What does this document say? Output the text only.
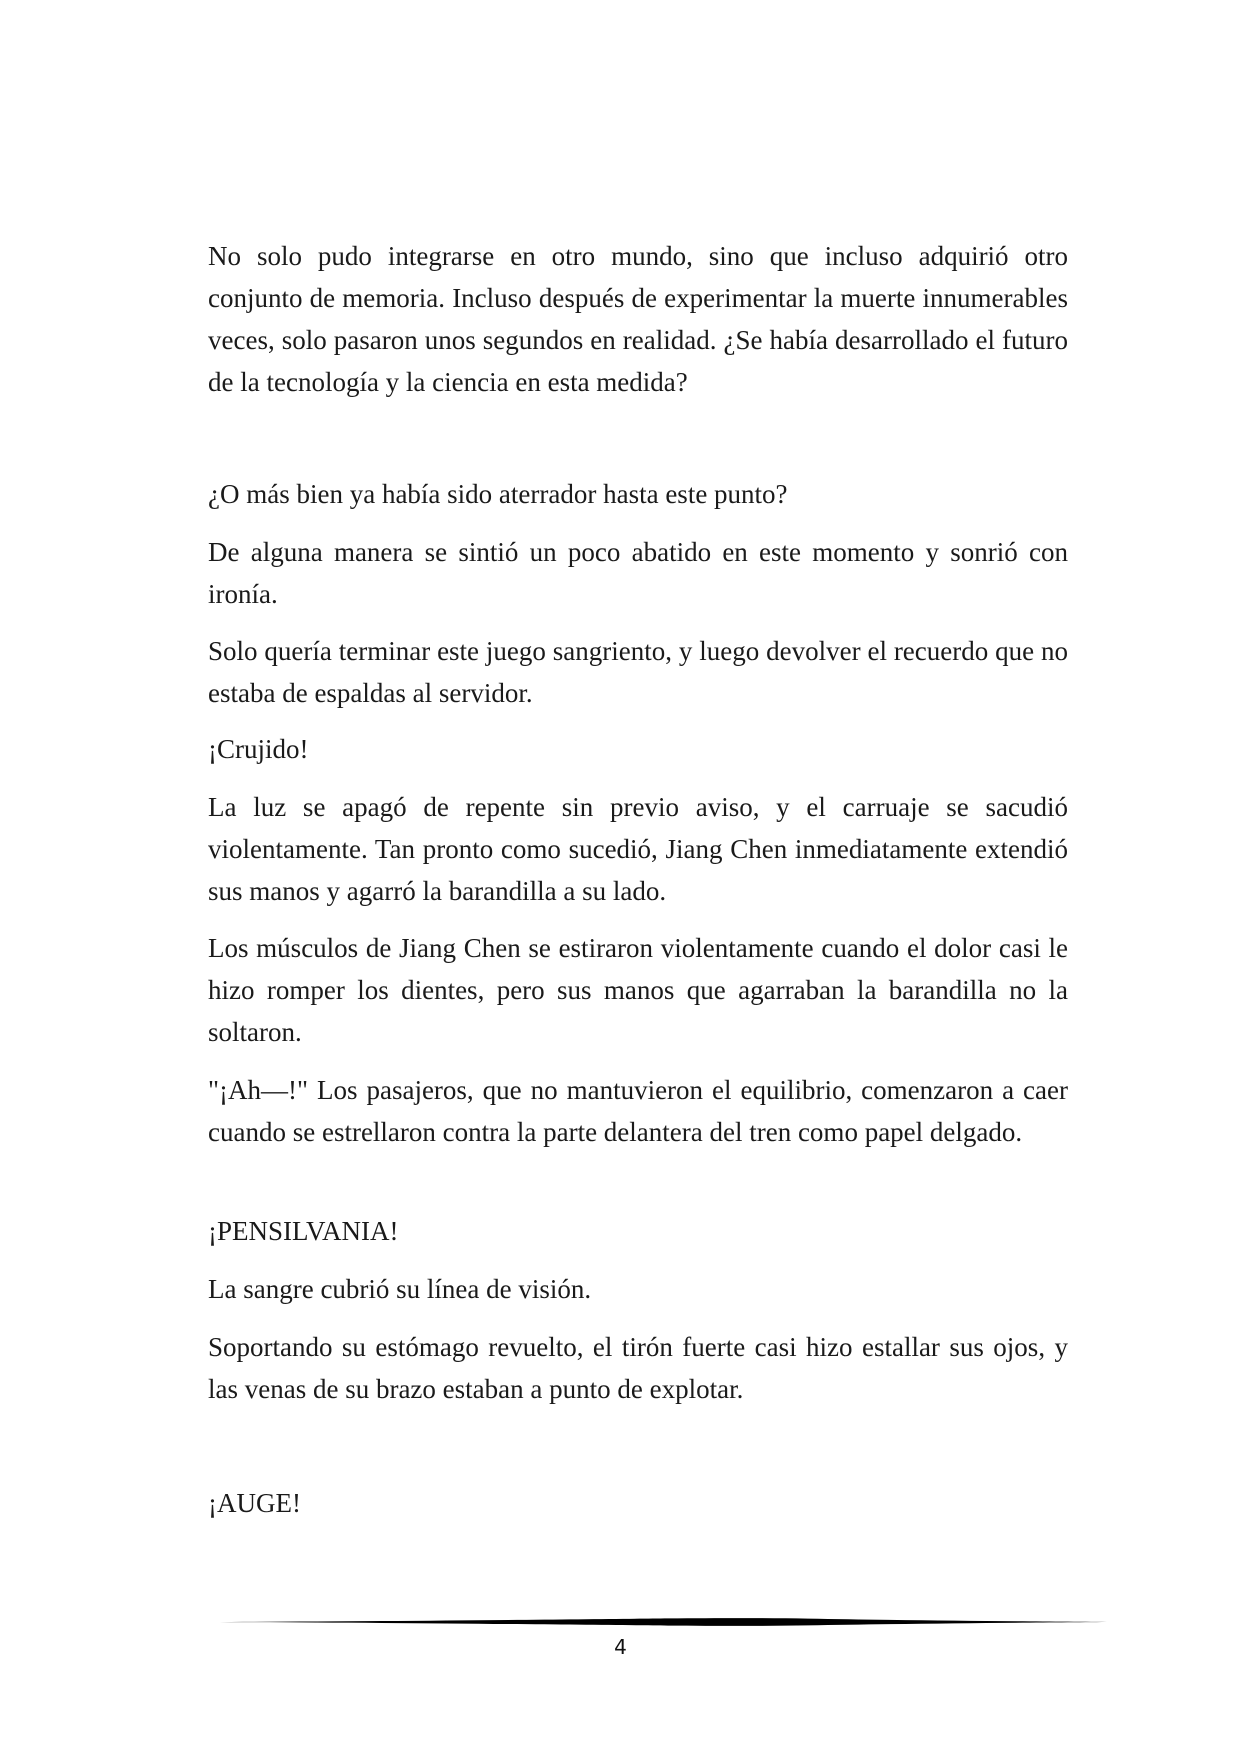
No solo pudo integrarse en otro mundo, sino que incluso adquirió otro conjunto de memoria. Incluso después de experimentar la muerte innumerables veces, solo pasaron unos segundos en realidad. ¿Se había desarrollado el futuro de la tecnología y la ciencia en esta medida?

¿O más bien ya había sido aterrador hasta este punto?

De alguna manera se sintió un poco abatido en este momento y sonrió con ironía.

Solo quería terminar este juego sangriento, y luego devolver el recuerdo que no estaba de espaldas al servidor.

¡Crujido!

La luz se apagó de repente sin previo aviso, y el carruaje se sacudió violentamente. Tan pronto como sucedió, Jiang Chen inmediatamente extendió sus manos y agarró la barandilla a su lado.

Los músculos de Jiang Chen se estiraron violentamente cuando el dolor casi le hizo romper los dientes, pero sus manos que agarraban la barandilla no la soltaron.

"¡Ah—!" Los pasajeros, que no mantuvieron el equilibrio, comenzaron a caer cuando se estrellaron contra la parte delantera del tren como papel delgado.

¡PENSILVANIA!

La sangre cubrió su línea de visión.

Soportando su estómago revuelto, el tirón fuerte casi hizo estallar sus ojos, y las venas de su brazo estaban a punto de explotar.

¡AUGE!

4
